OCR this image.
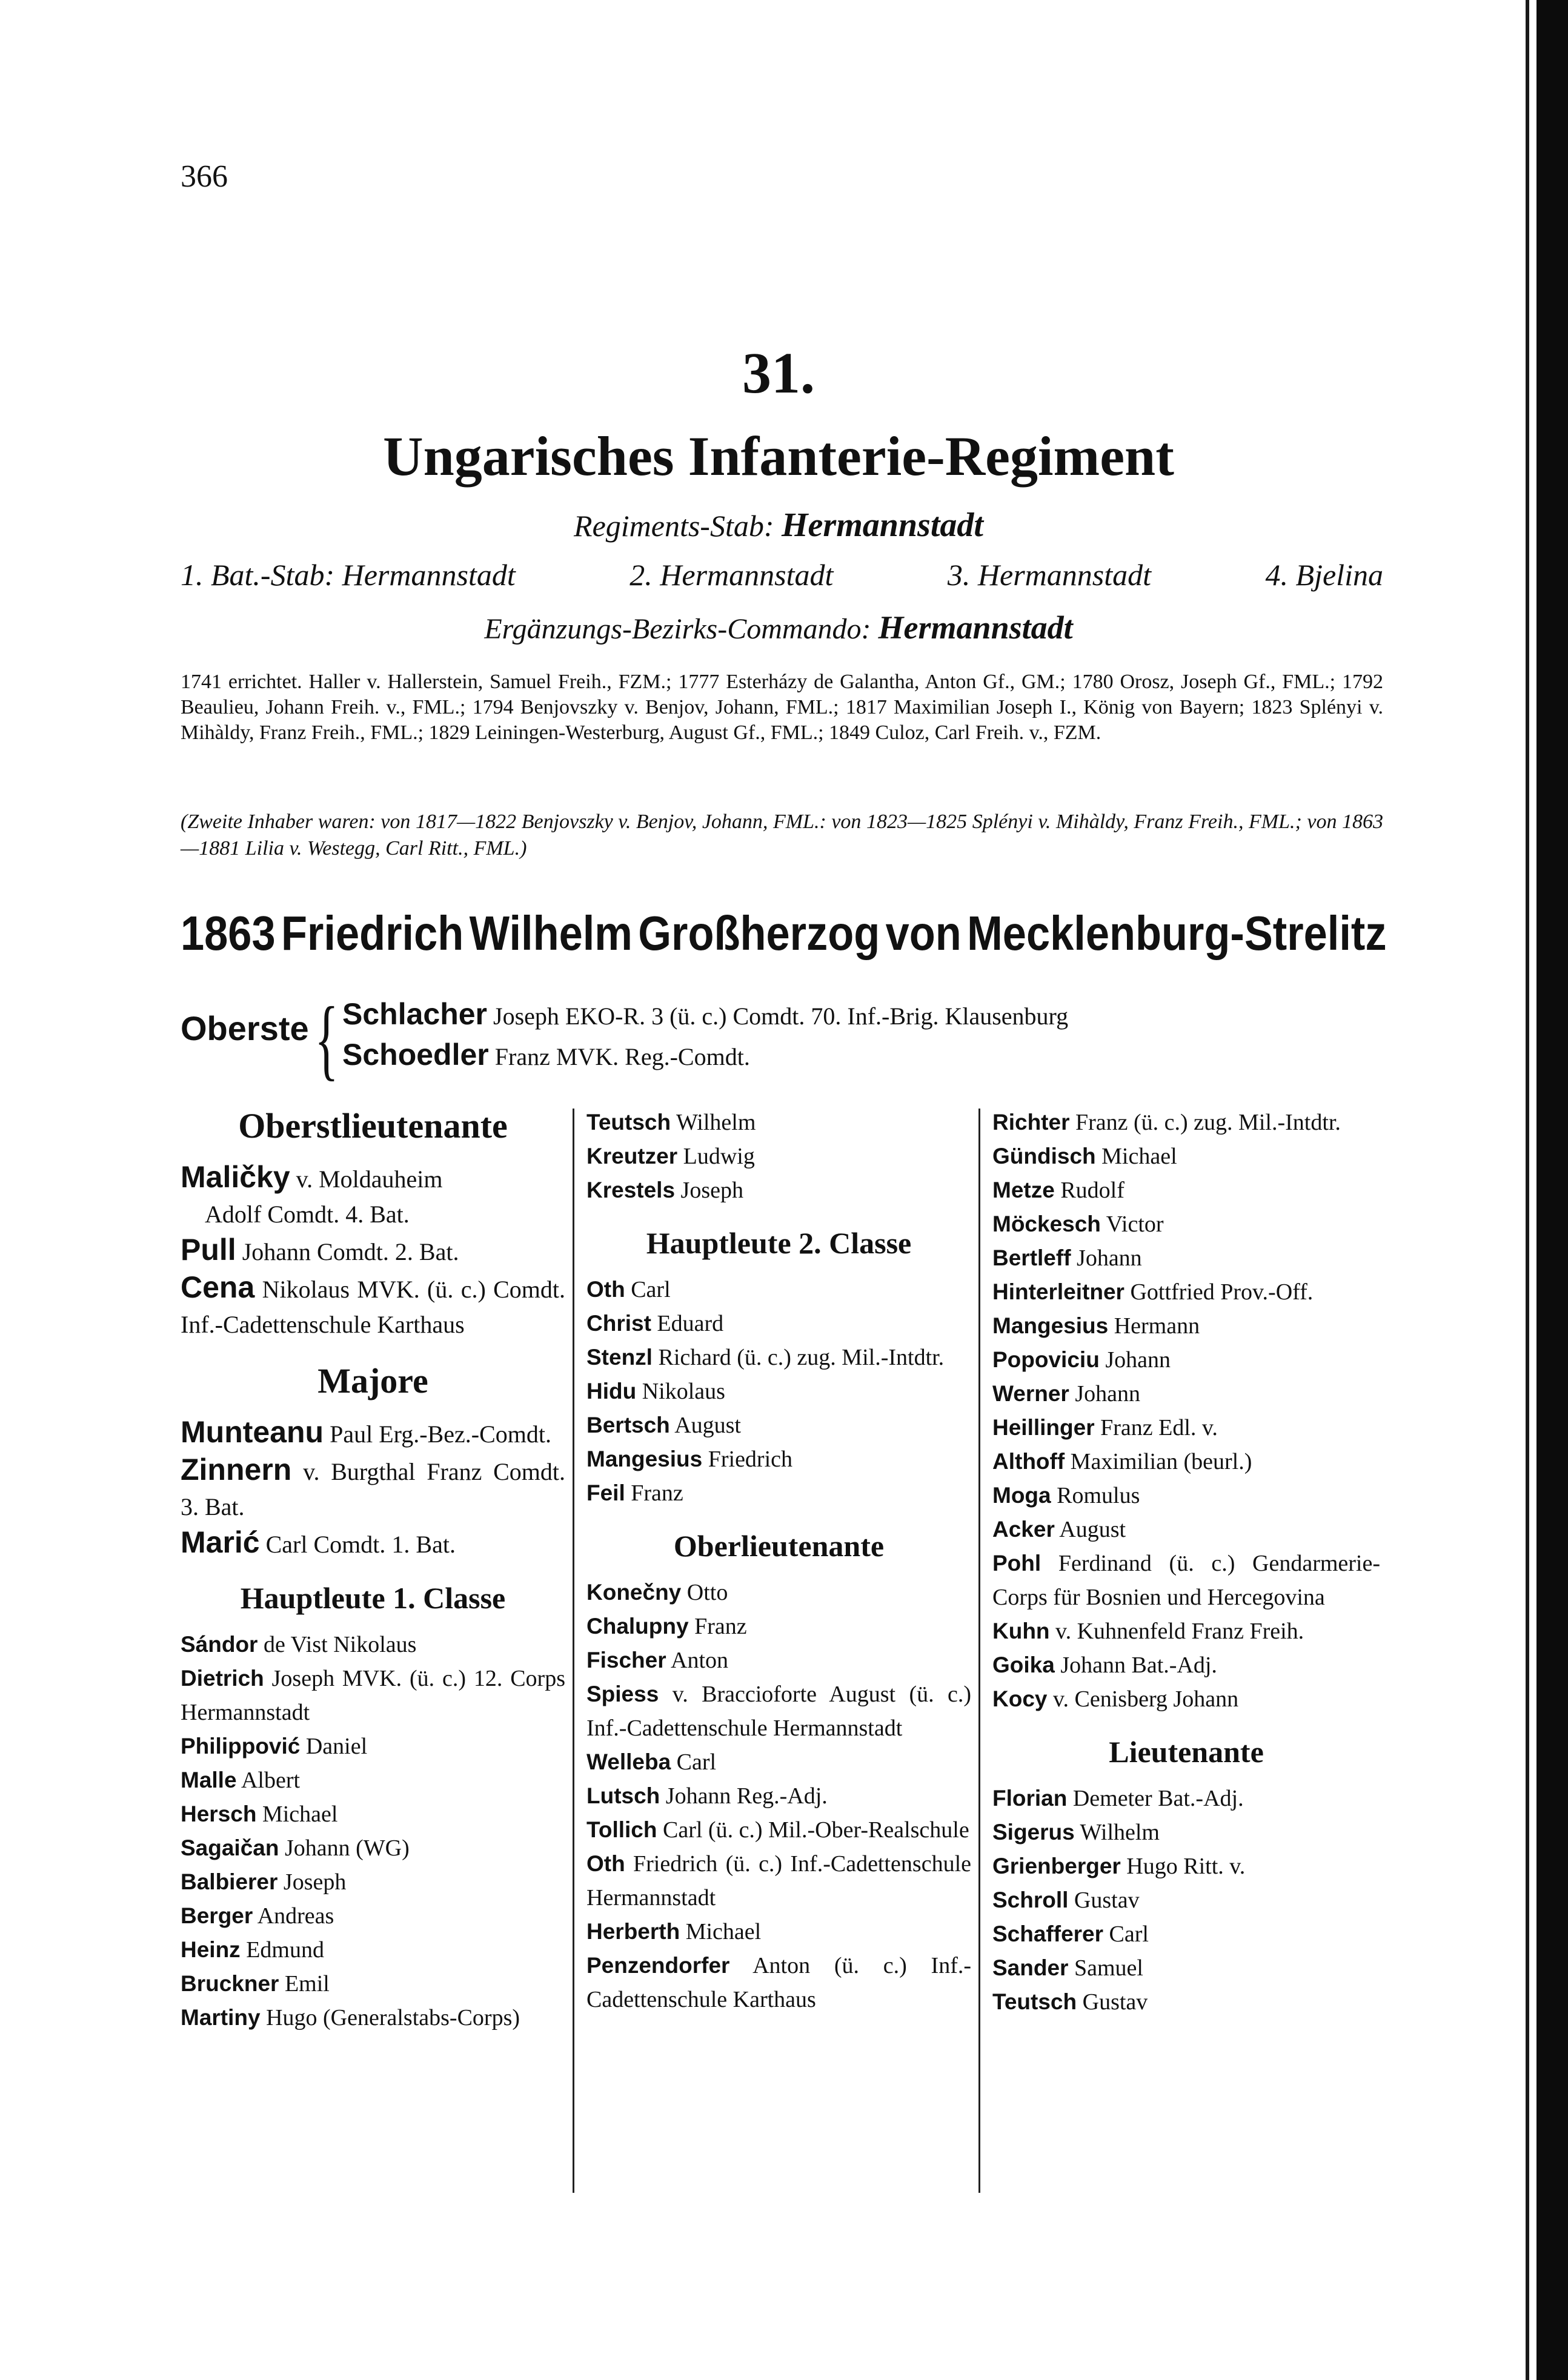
366
31.
Ungarisches Infanterie-Regiment
Regiments-Stab: Hermannstadt
1. Bat.-Stab: Hermannstadt	2. Hermannstadt	3. Hermannstadt	4. Bjelina
Ergänzungs-Bezirks-Commando: Hermannstadt
1741 errichtet. Haller v. Hallerstein, Samuel Freih., FZM.; 1777 Esterházy de Galantha, Anton Gf., GM.; 1780 Orosz, Joseph Gf., FML.; 1792 Beaulieu, Johann Freih. v., FML.; 1794 Benjovszky v. Benjov, Johann, FML.; 1817 Maximilian Joseph I., König von Bayern; 1823 Splényi v. Mihàldy, Franz Freih., FML.; 1829 Leiningen-Westerburg, August Gf., FML.; 1849 Culoz, Carl Freih. v., FZM.
(Zweite Inhaber waren: von 1817—1822 Benjovszky v. Benjov, Johann, FML.: von 1823—1825 Splényi v. Mihàldy, Franz Freih., FML.; von 1863—1881 Lilia v. Westegg, Carl Ritt., FML.)
1863 Friedrich Wilhelm Großherzog von Mecklenburg-Strelitz
Oberste { Schlacher Joseph EKO-R. 3 (ü. c.) Comdt. 70. Inf.-Brig. Klausenburg
Schoedler Franz MVK. Reg.-Comdt.
Oberstlieutenante
Maličky v. Moldauheim
Adolf Comdt. 4. Bat.
Pull Johann Comdt. 2. Bat.
Cena Nikolaus MVK. (ü. c.) Comdt. Inf.-Cadettenschule Karthaus
Majore
Munteanu Paul Erg.-Bez.-Comdt.
Zinnern v. Burgthal Franz Comdt. 3. Bat.
Marić Carl Comdt. 1. Bat.
Hauptleute 1. Classe
Sándor de Vist Nikolaus
Dietrich Joseph MVK. (ü. c.) 12. Corps Hermannstadt
Philippović Daniel
Malle Albert
Hersch Michael
Sagaičan Johann (WG)
Balbierer Joseph
Berger Andreas
Heinz Edmund
Bruckner Emil
Martiny Hugo (Generalstabs-Corps)
Teutsch Wilhelm
Kreutzer Ludwig
Krestels Joseph
Hauptleute 2. Classe
Oth Carl
Christ Eduard
Stenzl Richard (ü. c.) zug. Mil.-Intdtr.
Hidu Nikolaus
Bertsch August
Mangesius Friedrich
Feil Franz
Oberlieutenante
Konečny Otto
Chalupny Franz
Fischer Anton
Spiess v. Braccioforte August (ü. c.) Inf.-Cadettenschule Hermannstadt
Welleba Carl
Lutsch Johann Reg.-Adj.
Tollich Carl (ü. c.) Mil.-Ober-Realschule
Oth Friedrich (ü. c.) Inf.-Cadettenschule Hermannstadt
Herberth Michael
Penzendorfer Anton (ü. c.) Inf.-Cadettenschule Karthaus
Richter Franz (ü. c.) zug. Mil.-Intdtr.
Gündisch Michael
Metze Rudolf
Möckesch Victor
Bertleff Johann
Hinterleitner Gottfried Prov.-Off.
Mangesius Hermann
Popoviciu Johann
Werner Johann
Heillinger Franz Edl. v.
Althoff Maximilian (beurl.)
Moga Romulus
Acker August
Pohl Ferdinand (ü. c.) Gendarmerie-Corps für Bosnien und Hercegovina
Kuhn v. Kuhnenfeld Franz Freih.
Goika Johann Bat.-Adj.
Kocy v. Cenisberg Johann
Lieutenante
Florian Demeter Bat.-Adj.
Sigerus Wilhelm
Grienberger Hugo Ritt. v.
Schroll Gustav
Schafferer Carl
Sander Samuel
Teutsch Gustav
